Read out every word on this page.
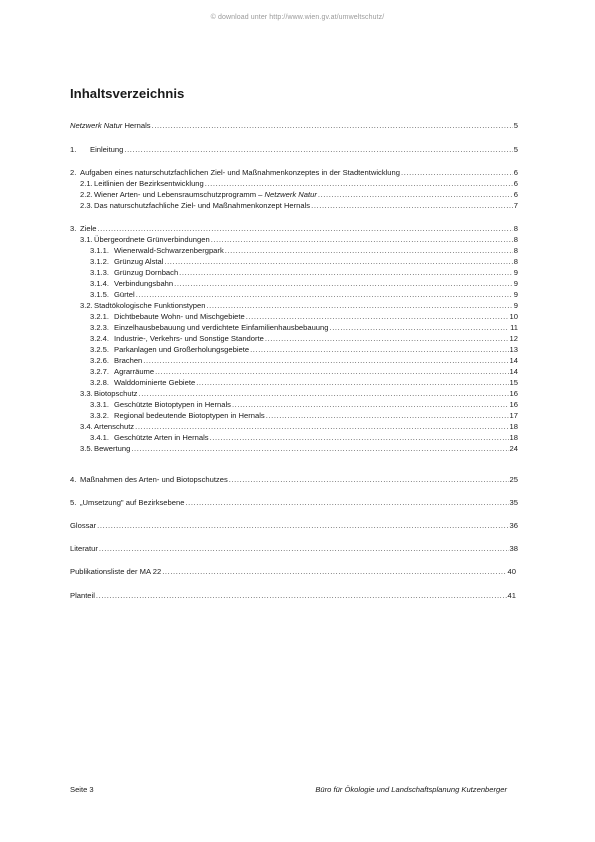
© download unter http://www.wien.gv.at/umweltschutz/
Inhaltsverzeichnis
Netzwerk Natur Hernals .....	5
1.	Einleitung .....	5
2. Aufgaben eines naturschutzfachlichen Ziel- und Maßnahmenkonzeptes in der Stadtentwicklung .....	6
2.1. Leitlinien der Bezirksentwicklung .....	6
2.2. Wiener Arten- und Lebensraumschutzprogramm – Netzwerk Natur .....	6
2.3. Das naturschutzfachliche Ziel- und Maßnahmenkonzept Hernals .....	7
3. Ziele .....	8
3.1. Übergeordnete Grünverbindungen .....	8
3.1.1. Wienerwald-Schwarzenbergpark .....	8
3.1.2. Grünzug Alstal .....	8
3.1.3. Grünzug Dornbach .....	9
3.1.4. Verbindungsbahn .....	9
3.1.5. Gürtel .....	9
3.2. Stadtökologische Funktionstypen .....	9
3.2.1. Dichtbebaute Wohn- und Mischgebiete .....	10
3.2.3. Einzelhausbebauung und verdichtete Einfamilienhausbebauung .....	11
3.2.4. Industrie-, Verkehrs- und Sonstige Standorte .....	12
3.2.5. Parkanlagen und Großerholungsgebiete .....	13
3.2.6. Brachen .....	14
3.2.7. Agrarräume .....	14
3.2.8. Walddominierte Gebiete .....	15
3.3. Biotopschutz .....	16
3.3.1. Geschützte Biotoptypen in Hernals .....	16
3.3.2. Regional bedeutende Biotoptypen in Hernals .....	17
3.4. Artenschutz .....	18
3.4.1. Geschützte Arten in Hernals .....	18
3.5. Bewertung .....	24
4. Maßnahmen des Arten- und Biotopschutzes .....	25
5. „Umsetzung" auf Bezirksebene .....	35
Glossar .....	36
Literatur .....	38
Publikationsliste der MA 22 .....	40
Planteil .....	41
Seite 3	Büro für Ökologie und Landschaftsplanung Kutzenberger
